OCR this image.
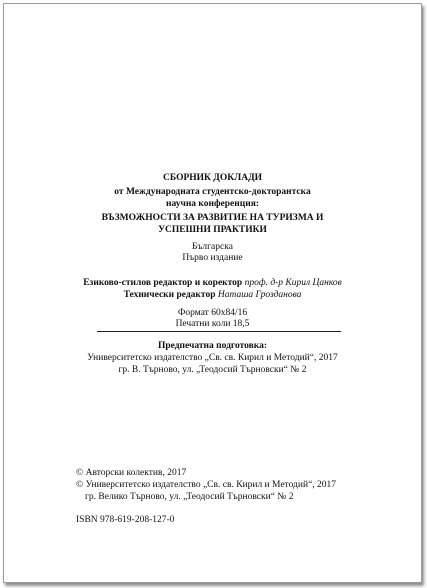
СБОРНИК ДОКЛАДИ
от Международната студентско-докторантска
научна конференция:
ВЪЗМОЖНОСТИ ЗА РАЗВИТИЕ НА ТУРИЗМА И
УСПЕШНИ ПРАКТИКИ
Българска
Първо издание
Езиково-стилов редактор и коректор проф. д-р Кирил Цанков
Технически редактор Наташа Грозданова
Формат 60х84/16
Печатни коли 18,5
Предпечатна подготовка:
Университетско издателство „Св. св. Кирил и Методий“, 2017
гр. В. Търново, ул. „Теодосий Търновски“ № 2
© Авторски колектив, 2017
© Университетско издателство „Св. св. Кирил и Методий“, 2017
гр. Велико Търново, ул. „Теодосий Търновски“ № 2
ISBN 978-619-208-127-0
